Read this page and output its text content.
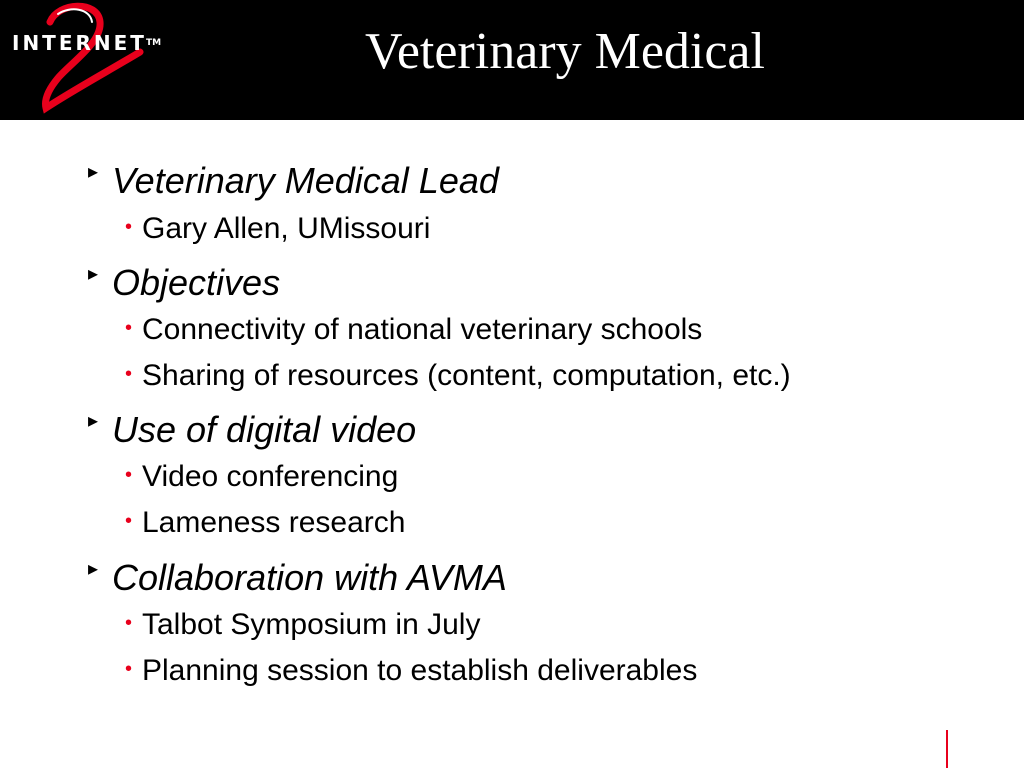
INTERNET TM	Veterinary Medical
▸ Veterinary Medical Lead
• Gary Allen, UMissouri
▸ Objectives
• Connectivity of national veterinary schools
• Sharing of resources (content, computation, etc.)
▸ Use of digital video
• Video conferencing
• Lameness research
▸ Collaboration with AVMA
• Talbot Symposium in July
• Planning session to establish deliverables
